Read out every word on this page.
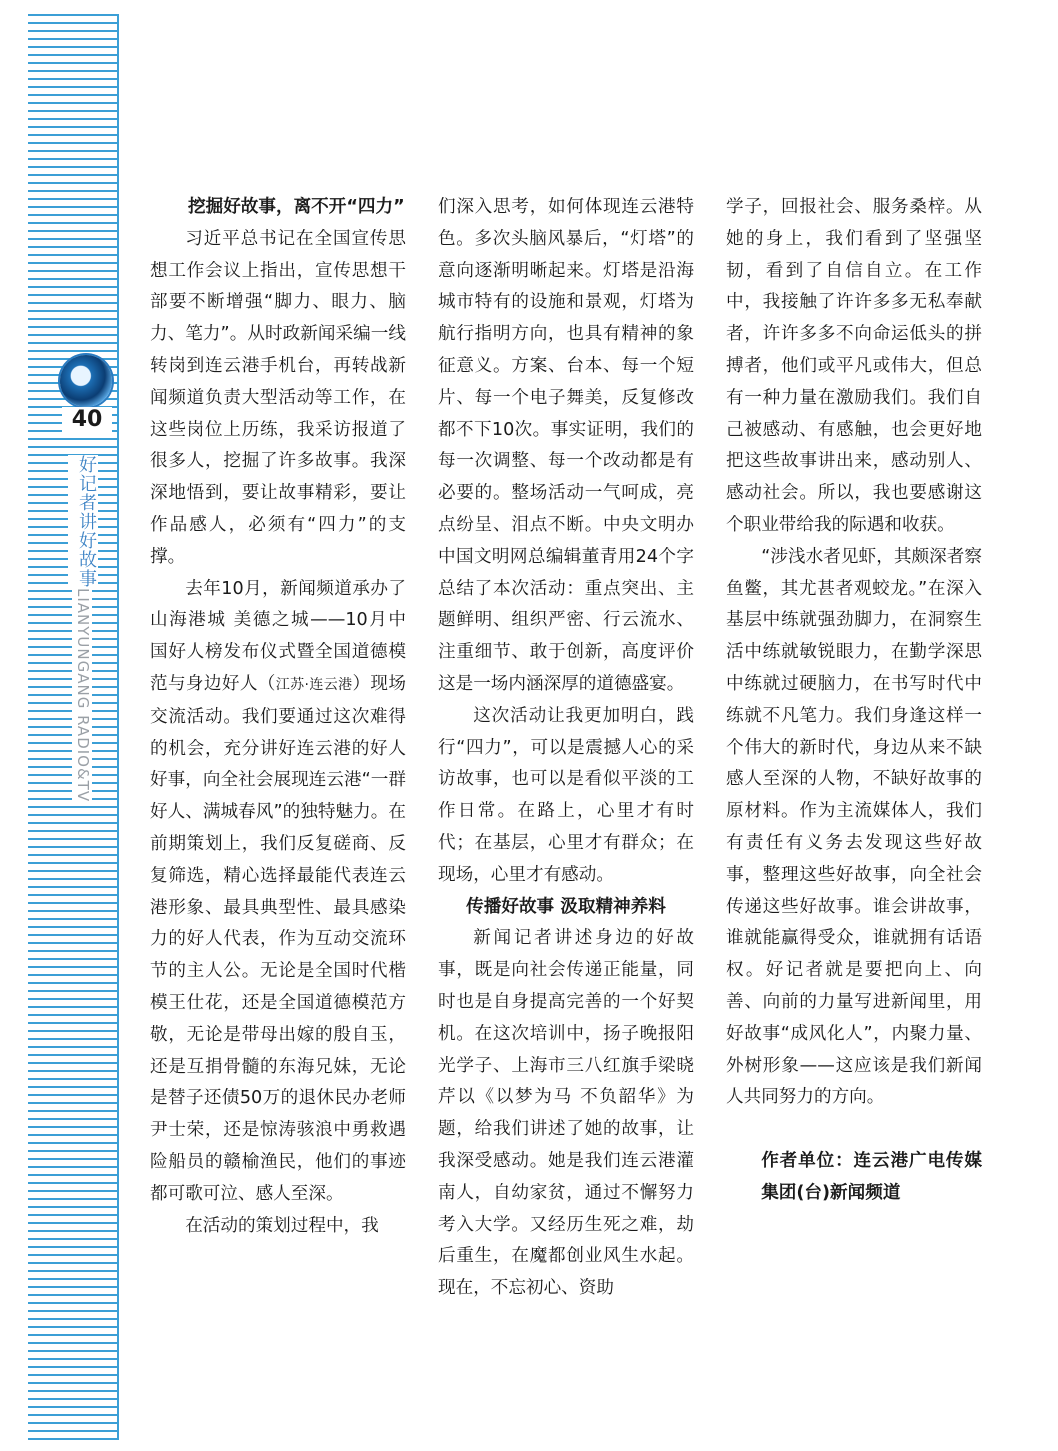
40
好记者讲好故事
LIANYUNGANG RADIO&TV
挖掘好故事，离不开“四力”

习近平总书记在全国宣传思想工作会议上指出，宣传思想干部要不断增强“脚力、眼力、脑力、笔力”。从时政新闻采编一线转岗到连云港手机台，再转战新闻频道负责大型活动等工作，在这些岗位上历练，我采访报道了很多人，挖掘了许多故事。我深深地悟到，要让故事精彩，要让作品感人，必须有“四力”的支撑。

去年10月，新闻频道承办了山海港城 美德之城——10月中国好人榜发布仪式暨全国道德模范与身边好人（江苏·连云港）现场交流活动。我们要通过这次难得的机会，充分讲好连云港的好人好事，向全社会展现连云港“一群好人、满城春风”的独特魅力。在前期策划上，我们反复磋商、反复筛选，精心选择最能代表连云港形象、最具典型性、最具感染力的好人代表，作为互动交流环节的主人公。无论是全国时代楷模王仕花，还是全国道德模范方敬，无论是带母出嫁的殷自玉，还是互捐骨髓的东海兄妹，无论是替子还债50万的退休民办老师尹士荣，还是惊涛骇浪中勇救遇险船员的赣榆渔民，他们的事迹都可歌可泣、感人至深。

在活动的策划过程中，我

们深入思考，如何体现连云港特色。多次头脑风暴后，“灯塔”的意向逐渐明晰起来。灯塔是沿海城市特有的设施和景观，灯塔为航行指明方向，也具有精神的象征意义。方案、台本、每一个短片、每一个电子舞美，反复修改都不下10次。事实证明，我们的每一次调整、每一个改动都是有必要的。整场活动一气呵成，亮点纷呈、泪点不断。中央文明办中国文明网总编辑董青用24个字总结了本次活动：重点突出、主题鲜明、组织严密、行云流水、注重细节、敢于创新，高度评价这是一场内涵深厚的道德盛宴。

这次活动让我更加明白，践行“四力”，可以是震撼人心的采访故事，也可以是看似平淡的工作日常。在路上，心里才有时代；在基层，心里才有群众；在现场，心里才有感动。

传播好故事 汲取精神养料

新闻记者讲述身边的好故事，既是向社会传递正能量，同时也是自身提高完善的一个好契机。在这次培训中，扬子晚报阳光学子、上海市三八红旗手梁晓芹以《以梦为马 不负韶华》为题，给我们讲述了她的故事，让我深受感动。她是我们连云港灌南人，自幼家贫，通过不懈努力考入大学。又经历生死之难，劫后重生，在魔都创业风生水起。现在，不忘初心、资助

学子，回报社会、服务桑梓。从她的身上，我们看到了坚强坚韧，看到了自信自立。在工作中，我接触了许许多多无私奉献者，许许多多不向命运低头的拼搏者，他们或平凡或伟大，但总有一种力量在激励我们。我们自己被感动、有感触，也会更好地把这些故事讲出来，感动别人、感动社会。所以，我也要感谢这个职业带给我的际遇和收获。

“涉浅水者见虾，其颇深者察鱼鳖，其尤甚者观蛟龙。”在深入基层中练就强劲脚力，在洞察生活中练就敏锐眼力，在勤学深思中练就过硬脑力，在书写时代中练就不凡笔力。我们身逢这样一个伟大的新时代，身边从来不缺感人至深的人物，不缺好故事的原材料。作为主流媒体人，我们有责任有义务去发现这些好故事，整理这些好故事，向全社会传递这些好故事。谁会讲故事，谁就能赢得受众，谁就拥有话语权。好记者就是要把向上、向善、向前的力量写进新闻里，用好故事“成风化人”，内聚力量、外树形象——这应该是我们新闻人共同努力的方向。

作者单位：连云港广电传媒集团(台)新闻频道
